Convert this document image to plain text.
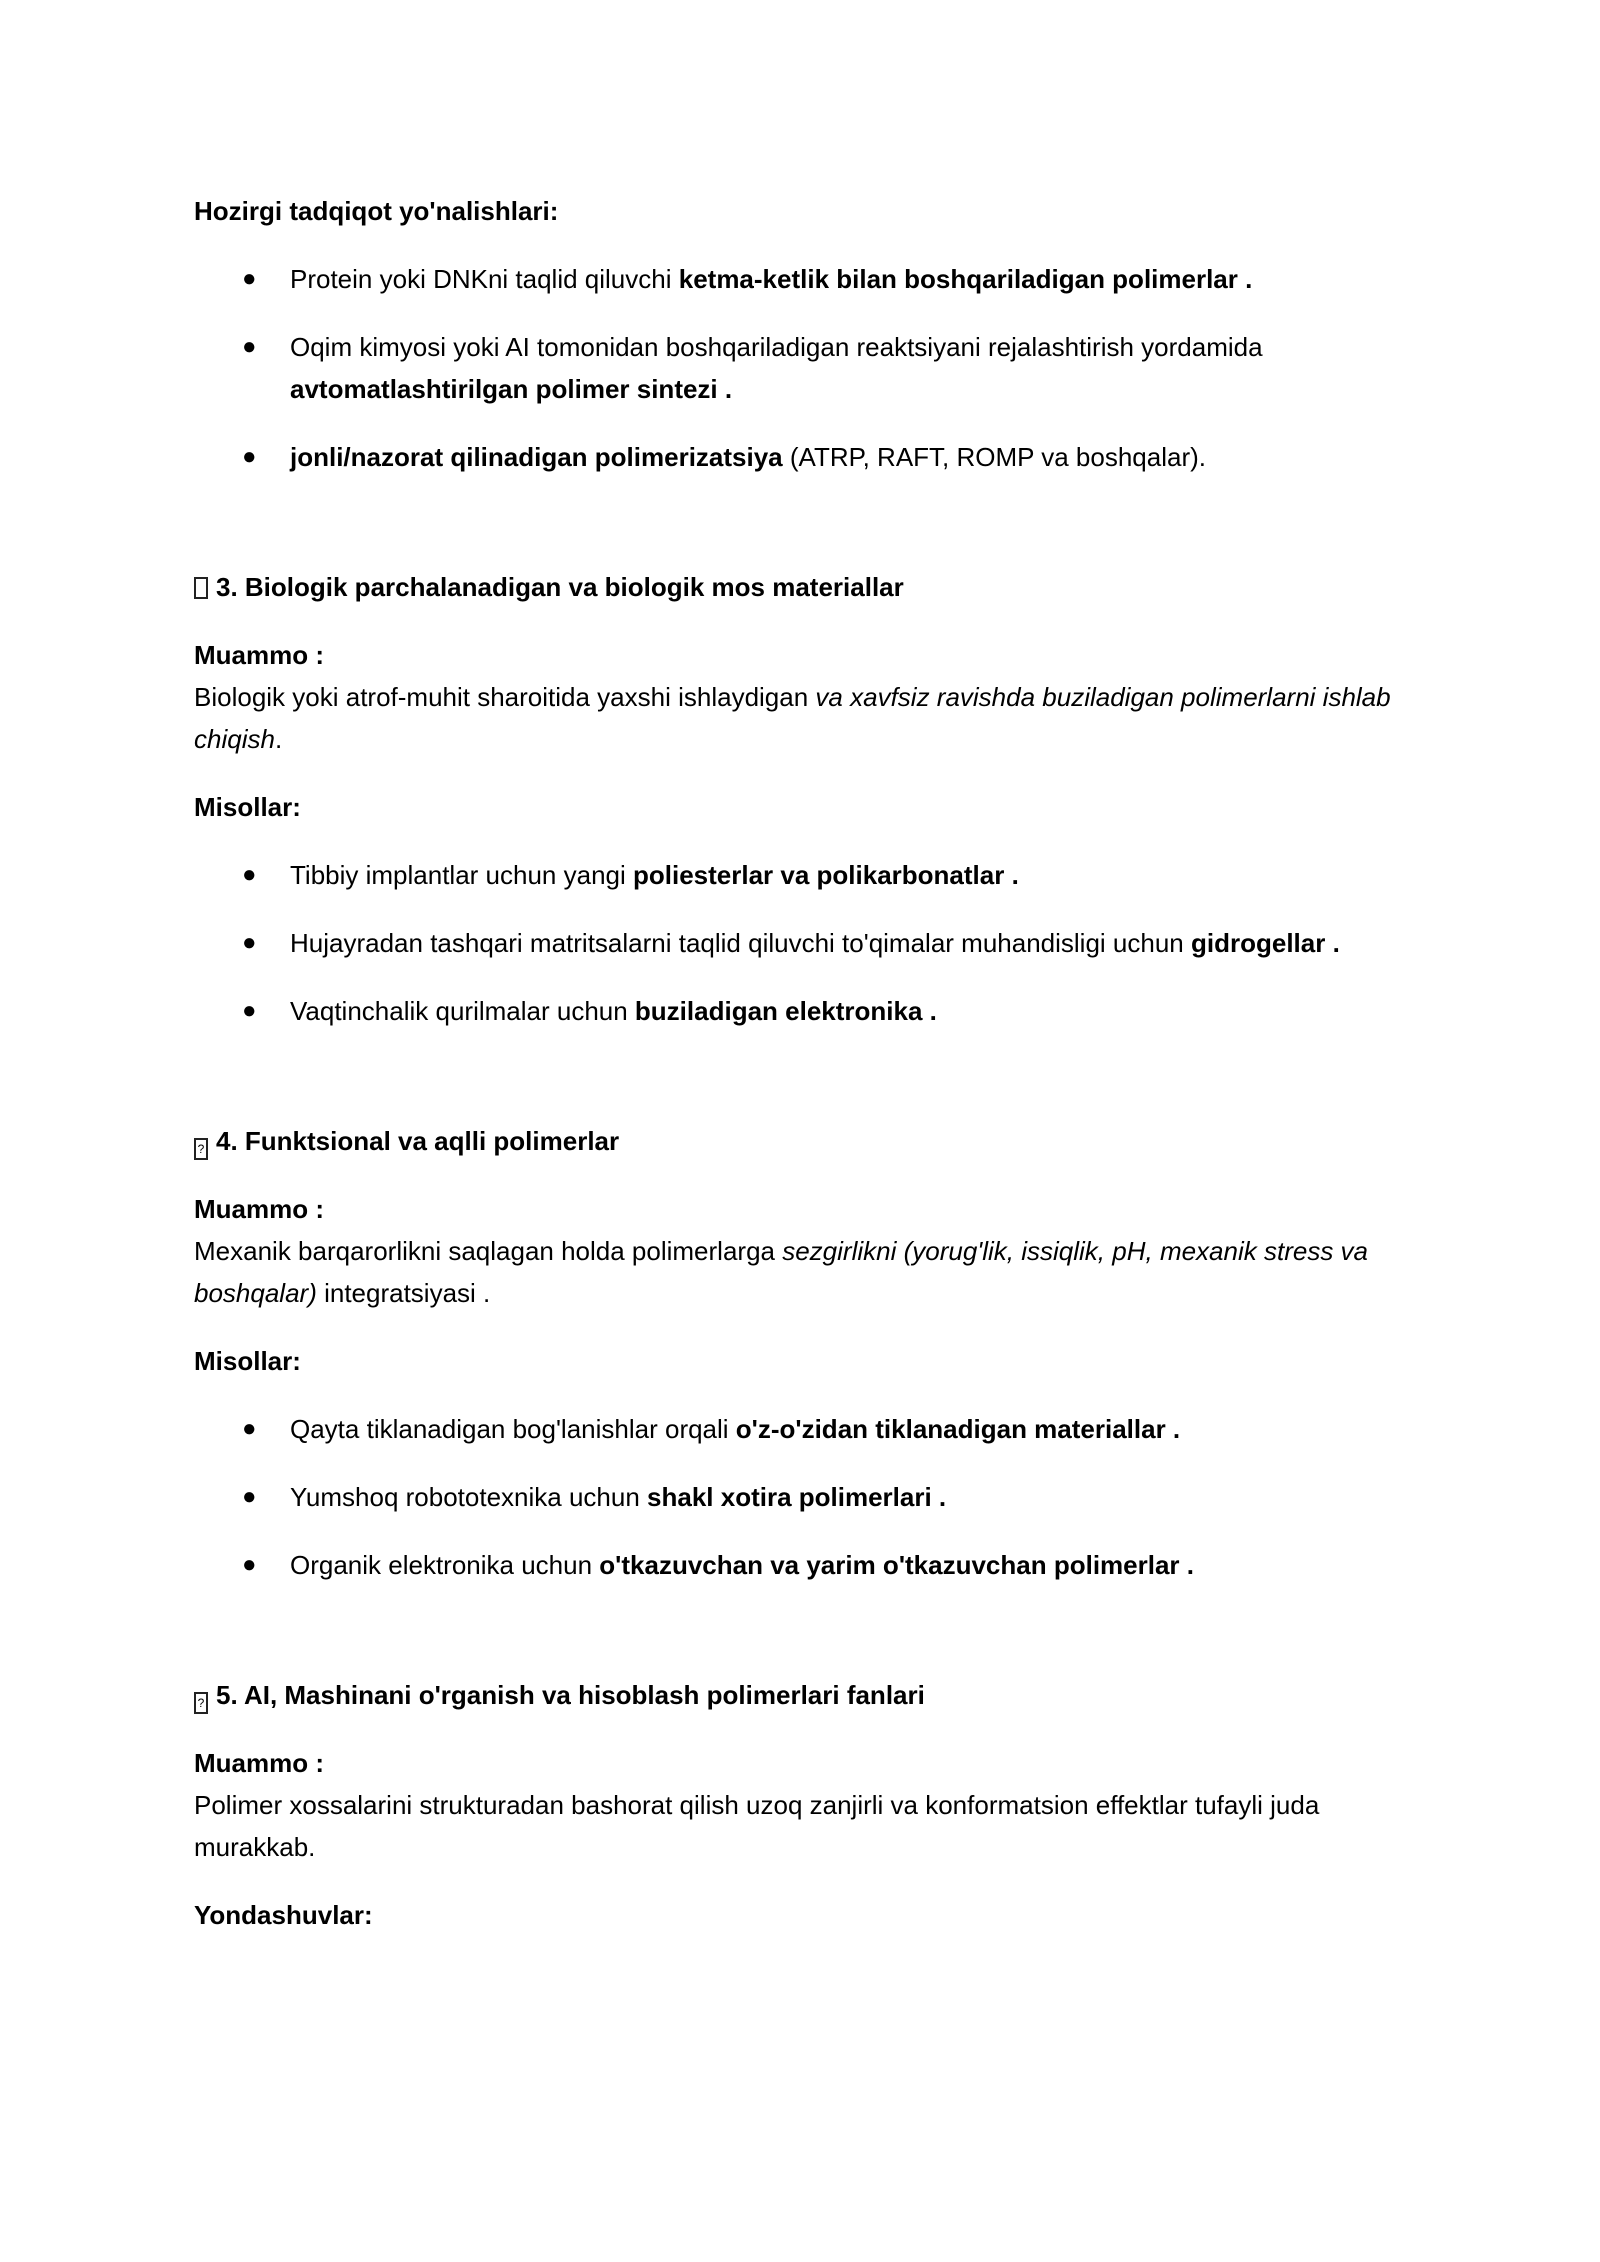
Hozirgi tadqiqot yo'nalishlari:

● Protein yoki DNKni taqlid qiluvchi ketma-ketlik bilan boshqariladigan polimerlar .
● Oqim kimyosi yoki AI tomonidan boshqariladigan reaktsiyani rejalashtirish yordamida avtomatlashtirilgan polimer sintezi .
● jonli/nazorat qilinadigan polimerizatsiya (ATRP, RAFT, ROMP va boshqalar).

3. Biologik parchalanadigan va biologik mos materiallar

Muammo :

Biologik yoki atrof-muhit sharoitida yaxshi ishlaydigan va xavfsiz ravishda buziladigan polimerlarni ishlab chiqish.

Misollar:

● Tibbiy implantlar uchun yangi poliesterlar va polikarbonatlar .
● Hujayradan tashqari matritsalarni taqlid qiluvchi to'qimalar muhandisligi uchun gidrogellar .
● Vaqtinchalik qurilmalar uchun buziladigan elektronika .

? 4. Funktsional va aqlli polimerlar

Muammo :

Mexanik barqarorlikni saqlagan holda polimerlarga sezgirlikni (yorug'lik, issiqlik, pH, mexanik stress va boshqalar) integratsiyasi .

Misollar:

● Qayta tiklanadigan bog'lanishlar orqali o'z-o'zidan tiklanadigan materiallar .
● Yumshoq robototexnika uchun shakl xotira polimerlari .
● Organik elektronika uchun o'tkazuvchan va yarim o'tkazuvchan polimerlar .

? 5. AI, Mashinani o'rganish va hisoblash polimerlari fanlari

Muammo :

Polimer xossalarini strukturadan bashorat qilish uzoq zanjirli va konformatsion effektlar tufayli juda murakkab.

Yondashuvlar:
